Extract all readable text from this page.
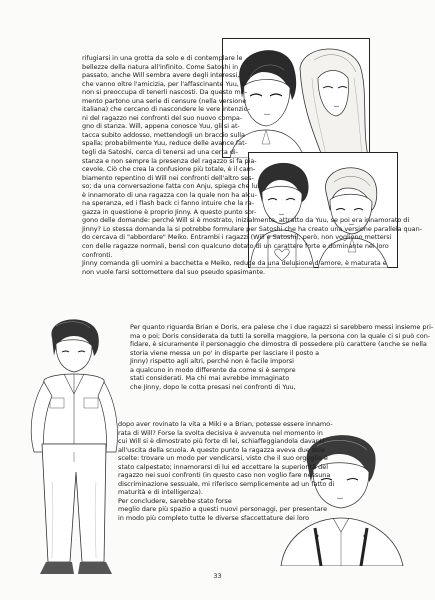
rifugiarsi in una grotta da solo e di contemplare le
bellezze della natura all'infinito. Come Satoshi in
passato, anche Will sembra avere degli interessi,
che vanno oltre l'amicizia, per l'affascinante Yuu, e
non si preoccupa di tenerli nascosti. Da questo mo-
mento partono una serie di censure (nella versione
italiana) che cercano di nascondere le vere intenzio-
ni del ragazzo nei confronti del suo nuovo compa-
gno di stanza. Will, appena conosce Yuu, gli si at-
tacca subito addosso, mettendogli un braccio sulla
spalla; probabilmente Yuu, reduce delle avance fat-
tegli da Satoshi, cerca di tenersi ad una certa di-
stanza e non sempre la presenza del ragazzo si fa pia-
cevole. Ciò che crea la confusione più totale, è il cam-
biamento repentino di Will nei confronti dell'altro ses-
so; da una conversazione fatta con Anju, spiega che lui
è innamorato di una ragazza con la quale non ha alcu-
na speranza, ed i flash back ci fanno intuire che la ra-
gazza in questione è proprio Jinny. A questo punto sor-
gono delle domande: perché Will si è mostrato, inizialmente, attratto da Yuu, se poi era innamorato di
Jinny? Lo stessa domanda la si potrebbe formulare per Satoshi che ha creato una versione parallela quan-
do cercava di "abbordare" Meiko. Entrambi i ragazzi (Will e Satoshi), però, non vogliono mettersi
con delle ragazze normali, bensì con qualcuno dotato di un carattere forte e dominante nei loro
confronti.
Jinny comanda gli uomini a bacchetta e Meiko, reduce da una delusione d'amore, è maturata e
non vuole farsi sottomettere dal suo pseudo spasimante.
Per quanto riguarda Brian e Doris, era palese che i due ragazzi si sarebbero messi insieme pri-
ma o poi; Doris considerata da tutti la sorella maggiore, la persona con la quale ci si può con-
fidare, è sicuramente il personaggio che dimostra di possedere più carattere (anche se nella
storia viene messa un po' in disparte per lasciare il posto a
Jinny) rispetto agli altri, perché non è facile imporsi
a qualcuno in modo differente da come si è sempre
stati considerati. Ma chi mai avrebbe immaginato
che Jinny, dopo le cotta presasi nei confronti di Yuu,
dopo aver rovinato la vita a Miki e a Brian, potesse essere innamo-
rata di Will? Forse la svolta decisiva è avvenuta nel momento in
cui Will si è dimostrato più forte di lei, schiaffeggiandola davanti
all'uscita della scuola. A questo punto la ragazza aveva due sole
scelte: trovare un modo per vendicarsi, visto che il suo orgoglio è
stato calpestato; innamorarsi di lui ed accettare la superiorità del
ragazzo nei suoi confronti (in questo caso non voglio fare nessuna
discriminazione sessuale, mi riferisco semplicemente ad un fatto di
maturità e di intelligenza).
Per concludere, sarebbe stato forse
meglio dare più spazio a questi nuovi personaggi, per presentare
in modo più completo tutte le diverse sfaccettature dei loro
33
